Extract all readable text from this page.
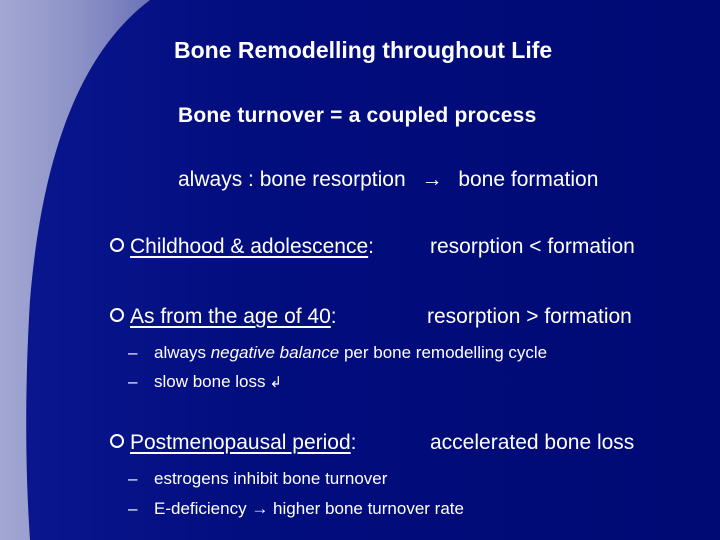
Bone Remodelling throughout Life
Bone turnover = a coupled process
always : bone resorption → bone formation
Childhood & adolescence:	resorption < formation
As from the age of 40:	resorption > formation
– always negative balance per bone remodelling cycle
– slow bone loss ↲
Postmenopausal period:	accelerated bone loss
– estrogens inhibit bone turnover
– E-deficiency → higher bone turnover rate
